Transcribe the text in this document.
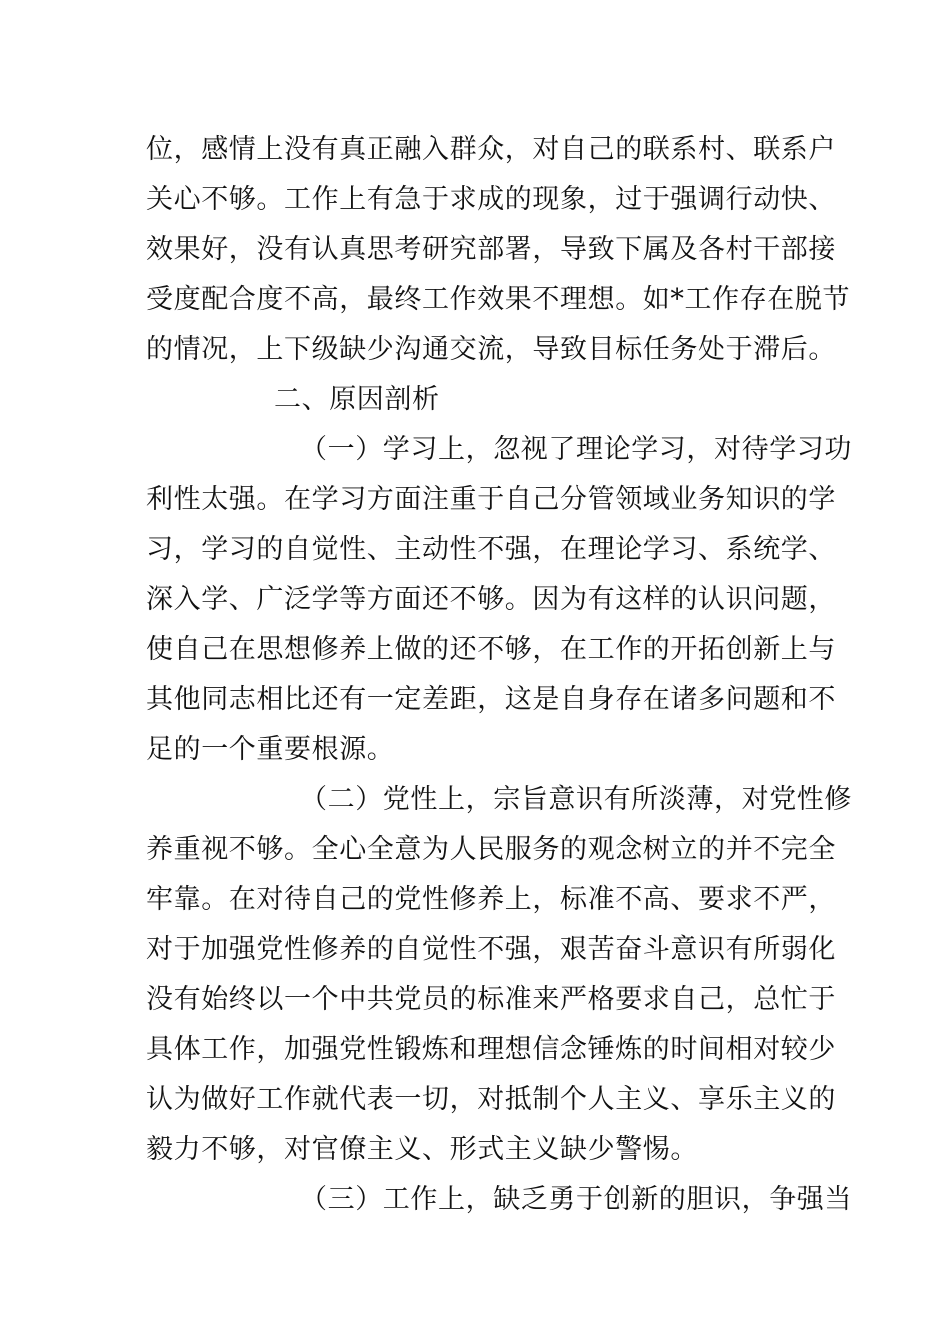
位，感情上没有真正融入群众，对自己的联系村、联系户
关心不够。工作上有急于求成的现象，过于强调行动快、
效果好，没有认真思考研究部署，导致下属及各村干部接
受度配合度不高，最终工作效果不理想。如*工作存在脱节
的情况，上下级缺少沟通交流，导致目标任务处于滞后。
二、原因剖析
（一）学习上，忽视了理论学习，对待学习功
利性太强。在学习方面注重于自己分管领域业务知识的学
习，学习的自觉性、主动性不强，在理论学习、系统学、
深入学、广泛学等方面还不够。因为有这样的认识问题，
使自己在思想修养上做的还不够，在工作的开拓创新上与
其他同志相比还有一定差距，这是自身存在诸多问题和不
足的一个重要根源。
（二）党性上，宗旨意识有所淡薄，对党性修
养重视不够。全心全意为人民服务的观念树立的并不完全
牢靠。在对待自己的党性修养上，标准不高、要求不严，
对于加强党性修养的自觉性不强，艰苦奋斗意识有所弱化
没有始终以一个中共党员的标准来严格要求自己，总忙于
具体工作，加强党性锻炼和理想信念锤炼的时间相对较少
认为做好工作就代表一切，对抵制个人主义、享乐主义的
毅力不够，对官僚主义、形式主义缺少警惕。
（三）工作上，缺乏勇于创新的胆识，争强当
